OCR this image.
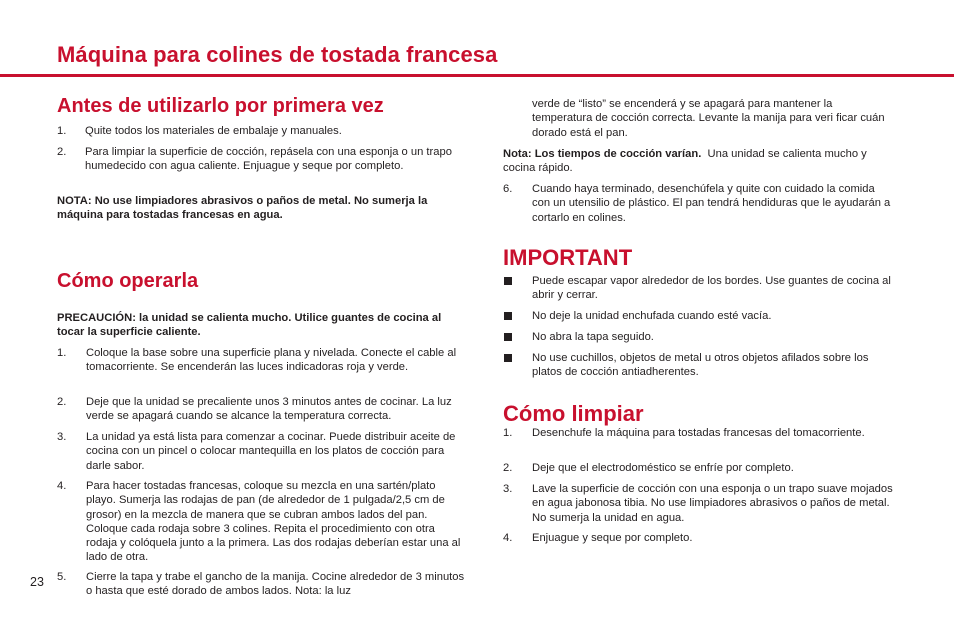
Máquina para colines de tostada francesa
Antes de utilizarlo por primera vez
1.	Quite todos los materiales de embalaje y manuales.
2.	Para limpiar la superficie de cocción, repásela con una esponja o un trapo humedecido con agua caliente. Enjuague y seque por completo.

NOTA: No use limpiadores abrasivos o paños de metal. No sumerja la máquina para tostadas francesas en agua.

Cómo operarla

PRECAUCIÓN: la unidad se calienta mucho. Utilice guantes de cocina al tocar la superficie caliente.

1.	Coloque la base sobre una superficie plana y nivelada. Conecte el cable al tomacorriente. Se encenderán las luces indicadoras roja y verde.
2.	Deje que la unidad se precaliente unos 3 minutos antes de cocinar. La luz verde se apagará cuando se alcance la temperatura correcta.
3.	La unidad ya está lista para comenzar a cocinar. Puede distribuir aceite de cocina con un pincel o colocar mantequilla en los platos de cocción para darle sabor.
4.	Para hacer tostadas francesas, coloque su mezcla en una sartén/plato playo. Sumerja las rodajas de pan (de alrededor de 1 pulgada/2,5 cm de grosor) en la mezcla de manera que se cubran ambos lados del pan. Coloque cada rodaja sobre 3 colines. Repita el procedimiento con otra rodaja y colóquela junto a la primera. Las dos rodajas deberían estar una al lado de otra.
5.	Cierre la tapa y trabe el gancho de la manija. Cocine alrededor de 3 minutos o hasta que esté dorado de ambos lados. Nota: la luz

23

verde de “listo” se encenderá y se apagará para mantener la temperatura de cocción correcta. Levante la manija para veri ficar cuán dorado está el pan.

Nota: Los tiempos de cocción varían. Una unidad se calienta mucho y cocina rápido.

6.	Cuando haya terminado, desenchúfela y quite con cuidado la comida con un utensilio de plástico. El pan tendrá hendiduras que le ayudarán a cortarlo en colines.
IMPORTANT
Puede escapar vapor alrededor de los bordes. Use guantes de cocina al abrir y cerrar.
No deje la unidad enchufada cuando esté vacía.
No abra la tapa seguido.
No use cuchillos, objetos de metal u otros objetos afilados sobre los platos de cocción antiadherentes.
Cómo limpiar
1.	Desenchufe la máquina para tostadas francesas del tomacorriente.
2.	Deje que el electrodoméstico se enfríe por completo.
3.	Lave la superficie de cocción con una esponja o un trapo suave mojados en agua jabonosa tibia. No use limpiadores abrasivos o paños de metal. No sumerja la unidad en agua.
4.	Enjuague y seque por completo.
